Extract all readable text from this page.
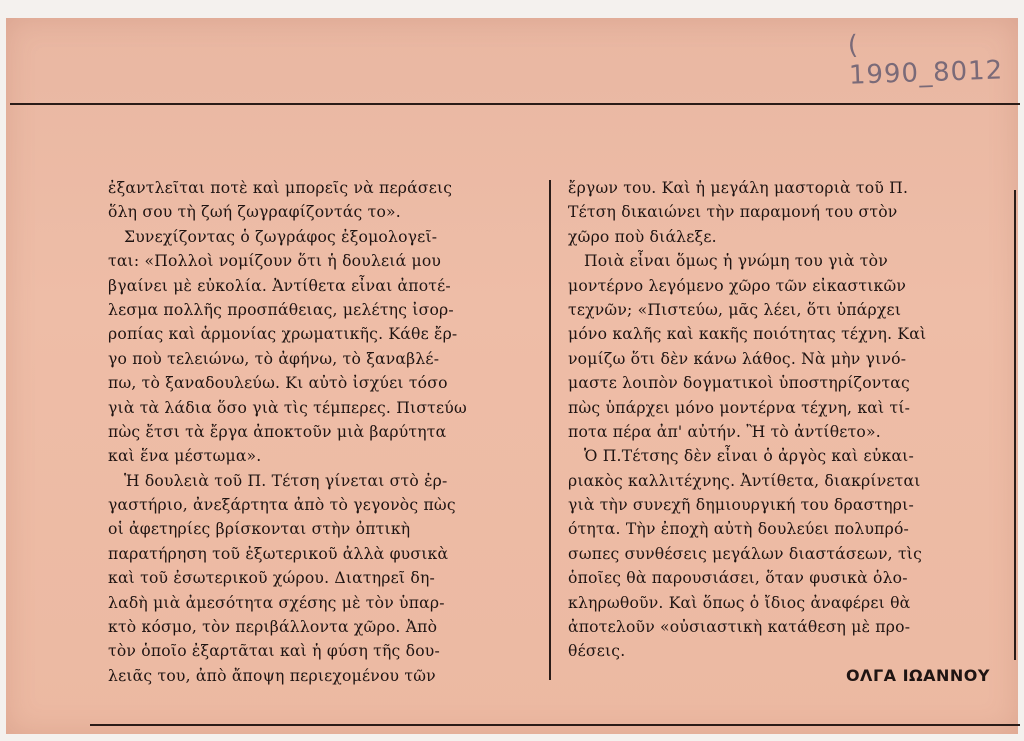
( 1990_8012
ἐξαντλεῖται ποτὲ καὶ μπορεῖς νὰ περάσεις
ὅλη σου τὴ ζωή ζωγραφίζοντάς το».
Συνεχίζοντας ὁ ζωγράφος ἐξομολογεῖ-
ται: «Πολλοὶ νομίζουν ὅτι ἡ δουλειά μου
βγαίνει μὲ εὐκολία. Ἀντίθετα εἶναι ἀποτέ-
λεσμα πολλῆς προσπάθειας, μελέτης ἰσορ-
ροπίας καὶ ἁρμονίας χρωματικῆς. Κάθε ἔρ-
γο ποὺ τελειώνω, τὸ ἀφήνω, τὸ ξαναβλέ-
πω, τὸ ξαναδουλεύω. Κι αὐτὸ ἰσχύει τόσο
γιὰ τὰ λάδια ὅσο γιὰ τὶς τέμπερες. Πιστεύω
πὼς ἔτσι τὰ ἔργα ἀποκτοῦν μιὰ βαρύτητα
καὶ ἕνα μέστωμα».
Ἡ δουλειὰ τοῦ Π. Τέτση γίνεται στὸ ἐρ-
γαστήριο, ἀνεξάρτητα ἀπὸ τὸ γεγονὸς πὼς
οἱ ἀφετηρίες βρίσκονται στὴν ὀπτικὴ
παρατήρηση τοῦ ἐξωτερικοῦ ἀλλὰ φυσικὰ
καὶ τοῦ ἐσωτερικοῦ χώρου. Διατηρεῖ δη-
λαδὴ μιὰ ἀμεσότητα σχέσης μὲ τὸν ὑπαρ-
κτὸ κόσμο, τὸν περιβάλλοντα χῶρο. Ἀπὸ
τὸν ὁποῖο ἐξαρτᾶται καὶ ἡ φύση τῆς δου-
λειᾶς του, ἀπὸ ἄποψη περιεχομένου τῶν
ἔργων του. Καὶ ἡ μεγάλη μαστοριὰ τοῦ Π.
Τέτση δικαιώνει τὴν παραμονή του στὸν
χῶρο ποὺ διάλεξε.
Ποιὰ εἶναι ὅμως ἡ γνώμη του γιὰ τὸν
μοντέρνο λεγόμενο χῶρο τῶν εἰκαστικῶν
τεχνῶν; «Πιστεύω, μᾶς λέει, ὅτι ὑπάρχει
μόνο καλῆς καὶ κακῆς ποιότητας τέχνη. Καὶ
νομίζω ὅτι δὲν κάνω λάθος. Νὰ μὴν γινό-
μαστε λοιπὸν δογματικοὶ ὑποστηρίζοντας
πὼς ὑπάρχει μόνο μοντέρνα τέχνη, καὶ τί-
ποτα πέρα ἀπ' αὐτήν. Ἢ τὸ ἀντίθετο».
Ὁ Π.Τέτσης δὲν εἶναι ὁ ἀργὸς καὶ εὐκαι-
ριακὸς καλλιτέχνης. Ἀντίθετα, διακρίνεται
γιὰ τὴν συνεχῆ δημιουργική του δραστηρι-
ότητα. Τὴν ἐποχὴ αὐτὴ δουλεύει πολυπρό-
σωπες συνθέσεις μεγάλων διαστάσεων, τὶς
ὁποῖες θὰ παρουσιάσει, ὅταν φυσικὰ ὁλο-
κληρωθοῦν. Καὶ ὅπως ὁ ἴδιος ἀναφέρει θὰ
ἀποτελοῦν «οὐσιαστικὴ κατάθεση μὲ προ-
θέσεις.
ΟΛΓΑ ΙΩΑΝΝΟΥ
